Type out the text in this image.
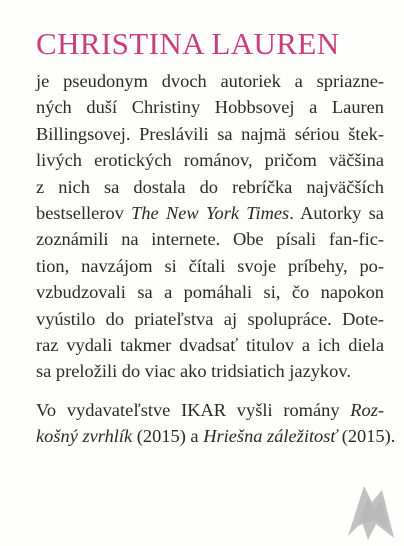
CHRISTINA LAUREN
je pseudonym dvoch autoriek a spriazne-
ných duší Christiny Hobbsovej a Lauren
Billingsovej. Preslávili sa najmä sériou štek-
livých erotických románov, pričom väčšina
z nich sa dostala do rebríčka najväčších
bestsellerov The New York Times. Autorky sa
zoznámili na internete. Obe písali fan-fic-
tion, navzájom si čítali svoje príbehy, po-
vzbudzovali sa a pomáhali si, čo napokon
vyústilo do priateľstva aj spolupráce. Dote-
raz vydali takmer dvadsať titulov a ich diela
sa preložili do viac ako tridsiatich jazykov.
Vo vydavateľstve IKAR vyšli romány Roz-
košný zvrhlík (2015) a Hriešna záležitosť (2015).
